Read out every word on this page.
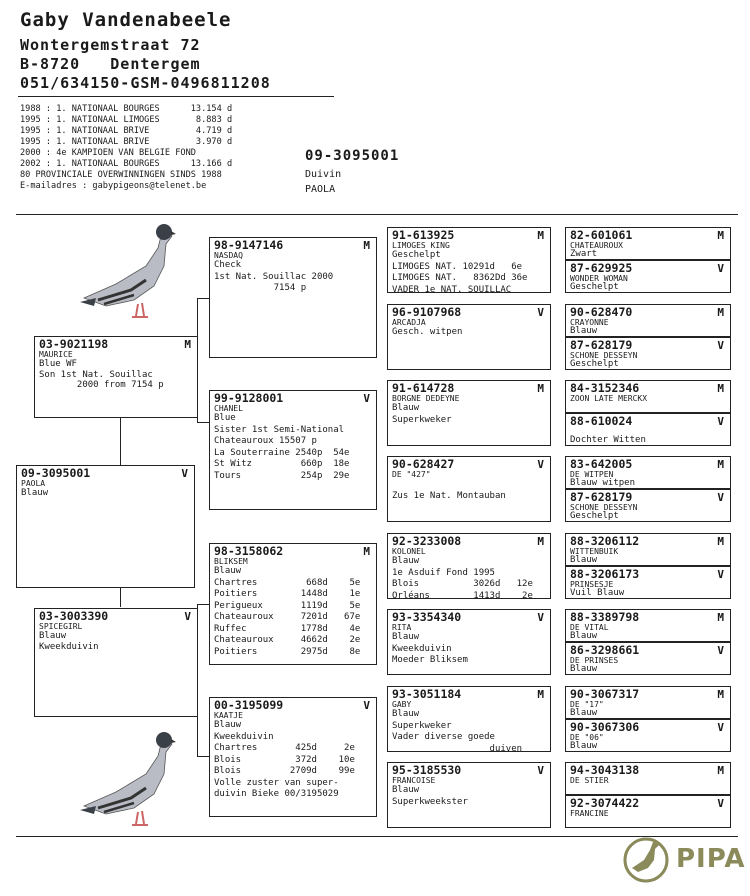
Gaby Vandenabeele
Wontergemstraat 72
B-8720   Dentergem
051/634150-GSM-0496811208
1988 : 1. NATIONAAL BOURGES      13.154 d
1995 : 1. NATIONAAL LIMOGES       8.883 d
1995 : 1. NATIONAAL BRIVE         4.719 d
1995 : 1. NATIONAAL BRIVE         3.970 d
2000 : 4e KAMPIOEN VAN BELGIE FOND
2002 : 1. NATIONAAL BOURGES      13.166 d
80 PROVINCIALE OVERWINNINGEN SINDS 1988
E-mailadres : gabypigeons@telenet.be
09-3095001
Duivin
PAOLA
09-3095001	V
PAOLA
Blauw
03-9021198	M
MAURICE
Blue WF
Son 1st Nat. Souillac
2000 from 7154 p
03-3003390	V
SPICEGIRL
Blauw
Kweekduivin
98-9147146	M
NASDAQ
Check
1st Nat. Souillac 2000
7154 p
99-9128001	V
CHANEL
Blue
Sister 1st Semi-National
Chateauroux 15507 p
La Souterraine 2540p  54e
St Witz         660p  18e
Tours           254p  29e
98-3158062	M
BLIKSEM
Blauw
Chartres         668d    5e
Poitiers        1448d    1e
Perigueux       1119d    5e
Chateauroux     7201d   67e
Ruffec          1778d    4e
Chateauroux     4662d    2e
Poitiers        2975d    8e
00-3195099	V
KAATJE
Blauw
Kweekduivin
Chartres       425d     2e
Blois          372d    10e
Blois         2709d    99e
Volle zuster van super-
duivin Bieke 00/3195029
91-613925	M
LIMOGES KING
Geschelpt
LIMOGES NAT. 10291d   6e
LIMOGES NAT.   8362Dd 36e
VADER 1e NAT. SOUILLAC
96-9107968	V
ARCADJA
Gesch. witpen
91-614728	M
BORGNE DEDEYNE
Blauw
Superkweker
90-628427	V
DE "427"
Zus 1e Nat. Montauban
92-3233008	M
KOLONEL
Blauw
1e Asduif Fond 1995
Blois          3026d   12e
Orléans        1413d    2e
93-3354340	V
RITA
Blauw
Kweekduivin
Moeder Bliksem
93-3051184	M
GABY
Blauw
Superkweker
Vader diverse goede
duiven
95-3185530	V
FRANCOISE
Blauw
Superkweekster
82-601061	M
CHATEAUROUX
Zwart
87-629925	V
WONDER WOMAN
Geschelpt
90-628470	M
CRAYONNE
Blauw
87-628179	V
SCHONE DESSEYN
Geschelpt
84-3152346	M
ZOON LATE MERCKX
88-610024	V
Dochter Witten
83-642005	M
DE WITPEN
Blauw witpen
87-628179	V
SCHONE DESSEYN
Geschelpt
88-3206112	M
WITTENBUIK
Blauw
88-3206173	V
PRINSESJE
Vuil Blauw
88-3389798	M
DE VITAL
Blauw
86-3298661	V
DE PRINSES
Blauw
90-3067317	M
DE "17"
Blauw
90-3067306	V
DE "06"
Blauw
94-3043138	M
DE STIER
92-3074422	V
FRANCINE
PIPA
